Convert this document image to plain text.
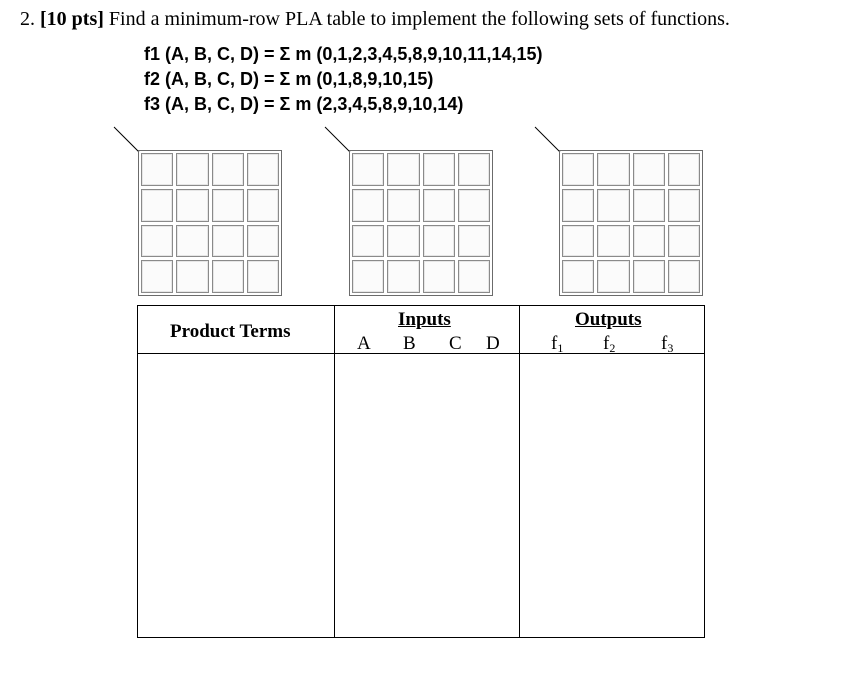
2. [10 pts] Find a minimum-row PLA table to implement the following sets of functions.
f1 (A, B, C, D) = Σ m (0,1,2,3,4,5,8,9,10,11,14,15)
f2 (A, B, C, D) = Σ m (0,1,8,9,10,15)
f3 (A, B, C, D) = Σ m (2,3,4,5,8,9,10,14)
Product Terms
Inputs
A B C D
Outputs
$f_1$ $f_2$ $f_3$
